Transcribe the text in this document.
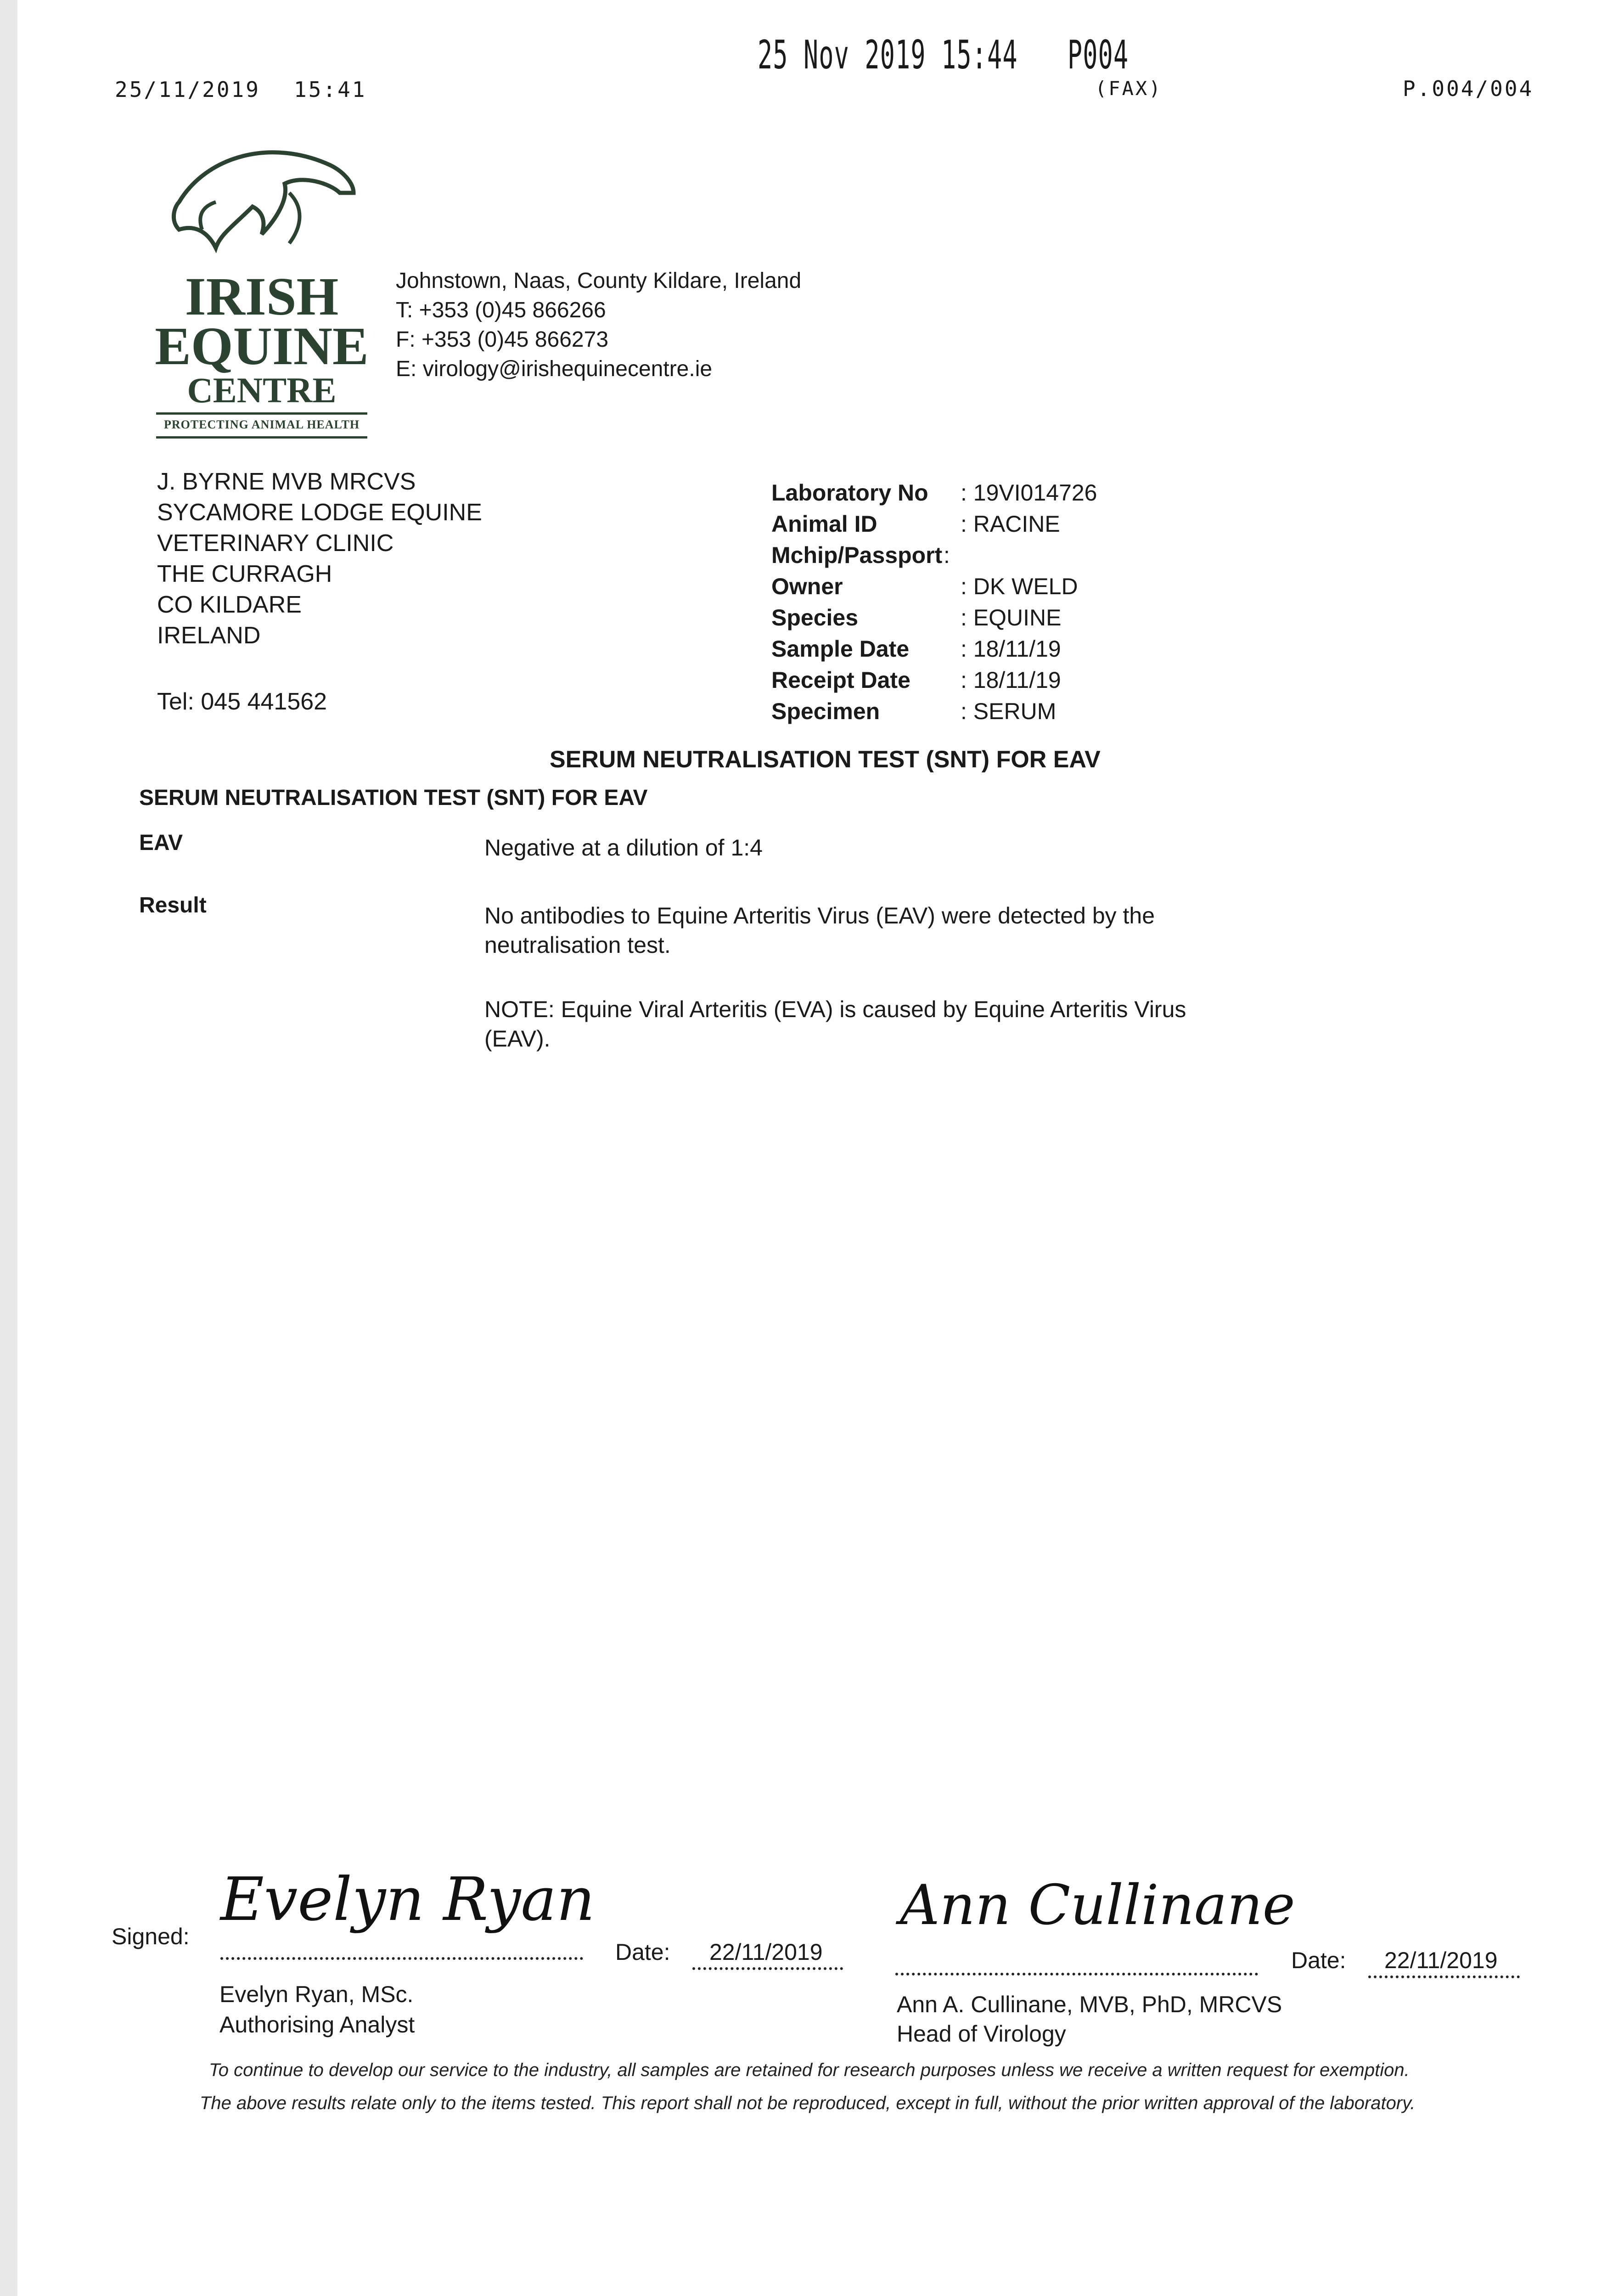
25/11/2019 15:41
25 Nov 2019 15:44 P004
(FAX)	P.004/004
IRISH
EQUINE
CENTRE
PROTECTING ANIMAL HEALTH
Johnstown, Naas, County Kildare, Ireland
T: +353 (0)45 866266
F: +353 (0)45 866273
E: virology@irishequinecentre.ie
J. BYRNE MVB MRCVS
SYCAMORE LODGE EQUINE
VETERINARY CLINIC
THE CURRAGH
CO KILDARE
IRELAND
Tel: 045 441562
Laboratory No : 19VI014726
Animal ID	: RACINE
Mchip/Passport :
Owner	: DK WELD
Species	: EQUINE
Sample Date : 18/11/19
Receipt Date : 18/11/19
Specimen	: SERUM
SERUM NEUTRALISATION TEST (SNT) FOR EAV
SERUM NEUTRALISATION TEST (SNT) FOR EAV
EAV	Negative at a dilution of 1:4
Result	No antibodies to Equine Arteritis Virus (EAV) were detected by the
neutralisation test.
NOTE: Equine Viral Arteritis (EVA) is caused by Equine Arteritis Virus
(EAV).
Signed:
Evelyn Ryan
Date: 22/11/2019
Evelyn Ryan, MSc.
Authorising Analyst
Ann Cullinane
Date: 22/11/2019
Ann A. Cullinane, MVB, PhD, MRCVS
Head of Virology
To continue to develop our service to the industry, all samples are retained for research purposes unless we receive a written request for exemption.
The above results relate only to the items tested. This report shall not be reproduced, except in full, without the prior written approval of the laboratory.
